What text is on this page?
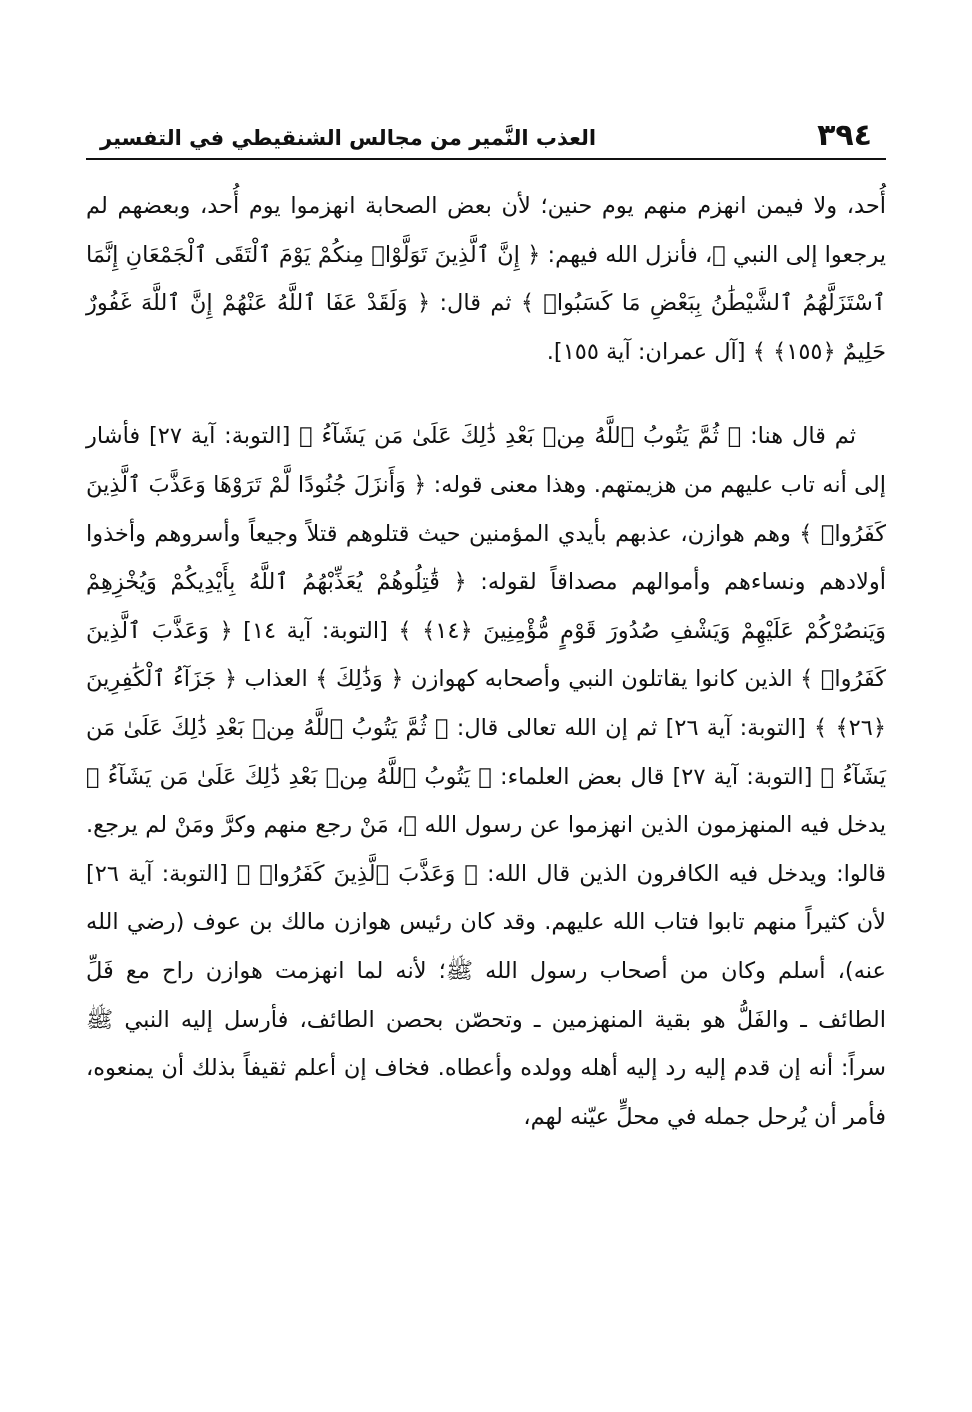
٣٩٤
العذب النَّمير من مجالس الشنقيطي في التفسير

أُحد، ولا فيمن انهزم منهم يوم حنين؛ لأن بعض الصحابة انهزموا يوم أُحد، وبعضهم لم يرجعوا إلى النبي ﷺ، فأنزل الله فيهم: ﴿ إِنَّ ٱلَّذِينَ تَوَلَّوْا۟ مِنكُمْ يَوْمَ ٱلْتَقَى ٱلْجَمْعَانِ إِنَّمَا ٱسْتَزَلَّهُمُ ٱلشَّيْطَٰنُ بِبَعْضِ مَا كَسَبُوا۟ ﴾ ثم قال: ﴿ وَلَقَدْ عَفَا ٱللَّهُ عَنْهُمْ إِنَّ ٱللَّهَ غَفُورٌ حَلِيمٌ ﴿١٥٥﴾ ﴾ [آل عمران: آية ١٥٥].

ثم قال هنا: ﴿ ثُمَّ يَتُوبُ ٱللَّهُ مِنۢ بَعْدِ ذَٰلِكَ عَلَىٰ مَن يَشَآءُ ﴾ [التوبة: آية ٢٧] فأشار إلى أنه تاب عليهم من هزيمتهم. وهذا معنى قوله: ﴿ وَأَنزَلَ جُنُودًا لَّمْ تَرَوْهَا وَعَذَّبَ ٱلَّذِينَ كَفَرُوا۟ ﴾ وهم هوازن، عذبهم بأيدي المؤمنين حيث قتلوهم قتلاً وجيعاً وأسروهم وأخذوا أولادهم ونساءهم وأموالهم مصداقاً لقوله: ﴿ قَٰتِلُوهُمْ يُعَذِّبْهُمُ ٱللَّهُ بِأَيْدِيكُمْ وَيُخْزِهِمْ وَيَنصُرْكُمْ عَلَيْهِمْ وَيَشْفِ صُدُورَ قَوْمٍ مُّؤْمِنِينَ ﴿١٤﴾ ﴾ [التوبة: آية ١٤] ﴿ وَعَذَّبَ ٱلَّذِينَ كَفَرُوا۟ ﴾ الذين كانوا يقاتلون النبي وأصحابه كهوازن ﴿ وَذَٰلِكَ ﴾ العذاب ﴿ جَزَآءُ ٱلْكَٰفِرِينَ ﴿٢٦﴾ ﴾ [التوبة: آية ٢٦] ثم إن الله تعالى قال: ﴿ ثُمَّ يَتُوبُ ٱللَّهُ مِنۢ بَعْدِ ذَٰلِكَ عَلَىٰ مَن يَشَآءُ ﴾ [التوبة: آية ٢٧] قال بعض العلماء: ﴿ يَتُوبُ ٱللَّهُ مِنۢ بَعْدِ ذَٰلِكَ عَلَىٰ مَن يَشَآءُ ﴾ يدخل فيه المنهزمون الذين انهزموا عن رسول الله ﷺ، مَنْ رجع منهم وكرَّ ومَنْ لم يرجع. قالوا: ويدخل فيه الكافرون الذين قال الله: ﴿ وَعَذَّبَ ٱلَّذِينَ كَفَرُوا۟ ﴾ [التوبة: آية ٢٦] لأن كثيراً منهم تابوا فتاب الله عليهم. وقد كان رئيس هوازن مالك بن عوف (رضي الله عنه)، أسلم وكان من أصحاب رسول الله ﷺ؛ لأنه لما انهزمت هوازن راح مع فَلِّ الطائف ـ والفَلُّ هو بقية المنهزمين ـ وتحصّن بحصن الطائف، فأرسل إليه النبي ﷺ سراً: أنه إن قدم إليه رد إليه أهله وولده وأعطاه. فخاف إن أعلم ثقيفاً بذلك أن يمنعوه، فأمر أن يُرحل جمله في محلٍّ عيّنه لهم،
